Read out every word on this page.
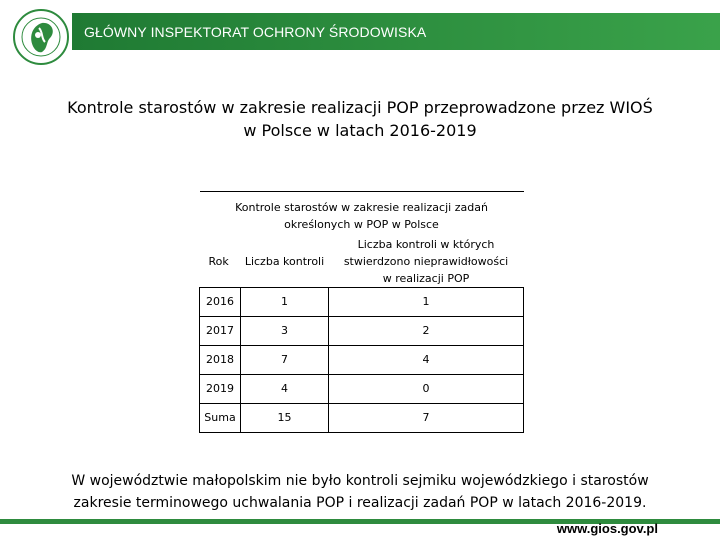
GŁÓWNY INSPEKTORAT OCHRONY ŚRODOWISKA
Kontrole starostów w zakresie realizacji POP przeprowadzone przez WIOŚ
w Polsce w latach 2016-2019
Kontrole starostów w zakresie realizacji zadań
określonych w POP w Polsce		

Rok	Liczba kontroli	Liczba kontroli w których
stwierdzono nieprawidłowości
w realizacji POP

2016	1	1
2017	3	2
2018	7	4
2019	4	0
Suma	15	7
W województwie małopolskim nie było kontroli sejmiku wojewódzkiego i starostów
zakresie terminowego uchwalania POP i realizacji zadań POP w latach 2016-2019.
www.gios.gov.pl
